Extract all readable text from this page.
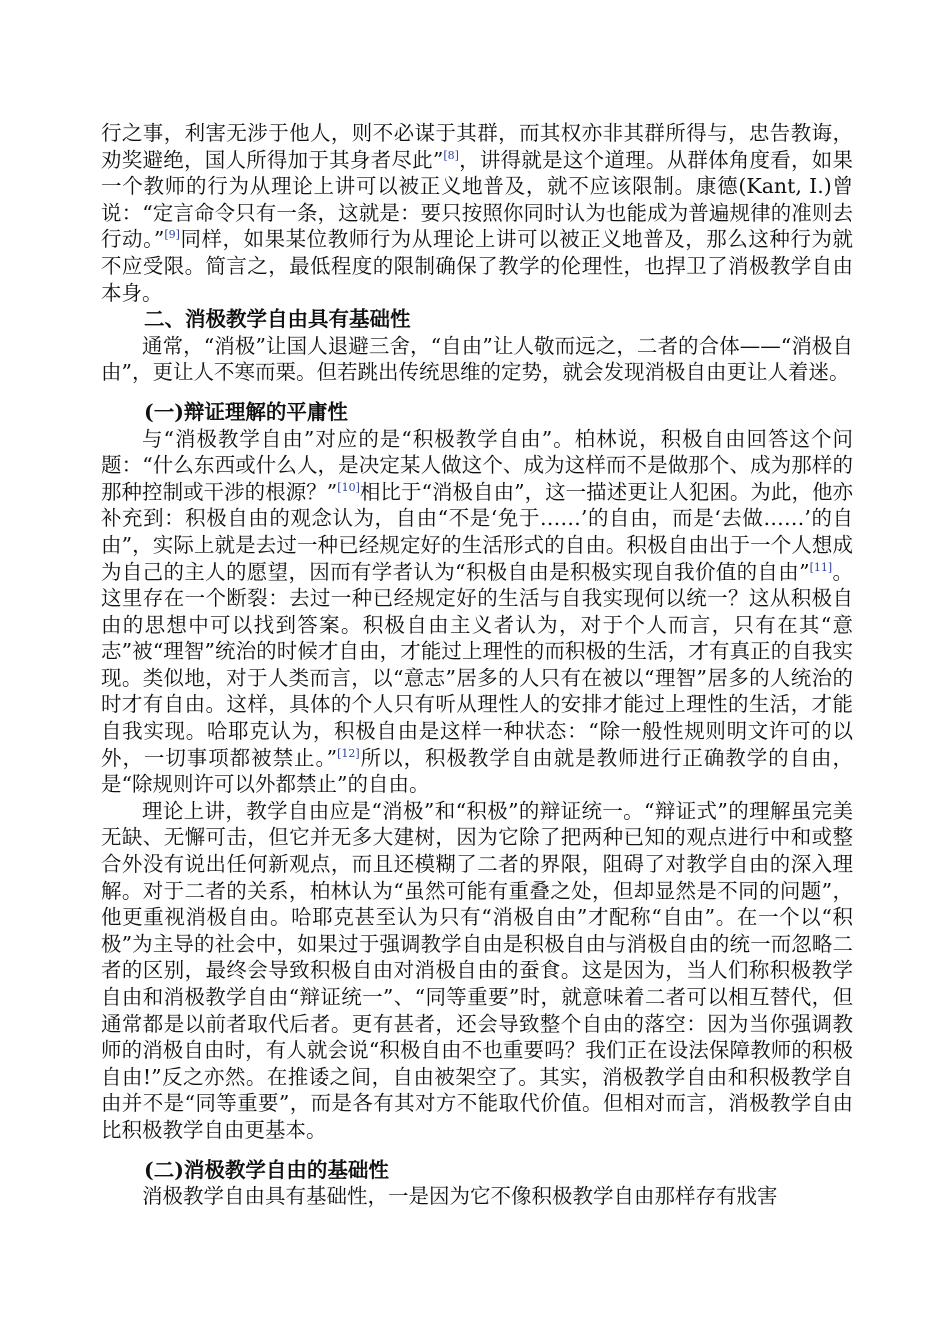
行之事，利害无涉于他人，则不必谋于其群，而其权亦非其群所得与，忠告教诲，劝奖避绝，国人所得加于其身者尽此”[8]，讲得就是这个道理。从群体角度看，如果一个教师的行为从理论上讲可以被正义地普及，就不应该限制。康德(Kant, I.)曾说：“定言命令只有一条，这就是：要只按照你同时认为也能成为普遍规律的准则去行动。”[9]同样，如果某位教师行为从理论上讲可以被正义地普及，那么这种行为就不应受限。简言之，最低程度的限制确保了教学的伦理性，也捍卫了消极教学自由本身。

二、消极教学自由具有基础性

通常，“消极”让国人退避三舍，“自由”让人敬而远之，二者的合体——“消极自由”，更让人不寒而栗。但若跳出传统思维的定势，就会发现消极自由更让人着迷。

(一)辩证理解的平庸性

与“消极教学自由”对应的是“积极教学自由”。柏林说，积极自由回答这个问题：“什么东西或什么人，是决定某人做这个、成为这样而不是做那个、成为那样的那种控制或干涉的根源？”[10]相比于“消极自由”，这一描述更让人犯困。为此，他亦补充到：积极自由的观念认为，自由“不是‘免于……’的自由，而是‘去做……’的自由”，实际上就是去过一种已经规定好的生活形式的自由。积极自由出于一个人想成为自己的主人的愿望，因而有学者认为“积极自由是积极实现自我价值的自由”[11]。这里存在一个断裂：去过一种已经规定好的生活与自我实现何以统一？这从积极自由的思想中可以找到答案。积极自由主义者认为，对于个人而言，只有在其“意志”被“理智”统治的时候才自由，才能过上理性的而积极的生活，才有真正的自我实现。类似地，对于人类而言，以“意志”居多的人只有在被以“理智”居多的人统治的时才有自由。这样，具体的个人只有听从理性人的安排才能过上理性的生活，才能自我实现。哈耶克认为，积极自由是这样一种状态：“除一般性规则明文许可的以外，一切事项都被禁止。”[12]所以，积极教学自由就是教师进行正确教学的自由，是“除规则许可以外都禁止”的自由。

理论上讲，教学自由应是“消极”和“积极”的辩证统一。“辩证式”的理解虽完美无缺、无懈可击，但它并无多大建树，因为它除了把两种已知的观点进行中和或整合外没有说出任何新观点，而且还模糊了二者的界限，阻碍了对教学自由的深入理解。对于二者的关系，柏林认为“虽然可能有重叠之处，但却显然是不同的问题”，他更重视消极自由。哈耶克甚至认为只有“消极自由”才配称“自由”。在一个以“积极”为主导的社会中，如果过于强调教学自由是积极自由与消极自由的统一而忽略二者的区别，最终会导致积极自由对消极自由的蚕食。这是因为，当人们称积极教学自由和消极教学自由“辩证统一”、“同等重要”时，就意味着二者可以相互替代，但通常都是以前者取代后者。更有甚者，还会导致整个自由的落空：因为当你强调教师的消极自由时，有人就会说“积极自由不也重要吗？我们正在设法保障教师的积极自由!”反之亦然。在推诿之间，自由被架空了。其实，消极教学自由和积极教学自由并不是“同等重要”，而是各有其对方不能取代价值。但相对而言，消极教学自由比积极教学自由更基本。

(二)消极教学自由的基础性

消极教学自由具有基础性，一是因为它不像积极教学自由那样存有戕害
